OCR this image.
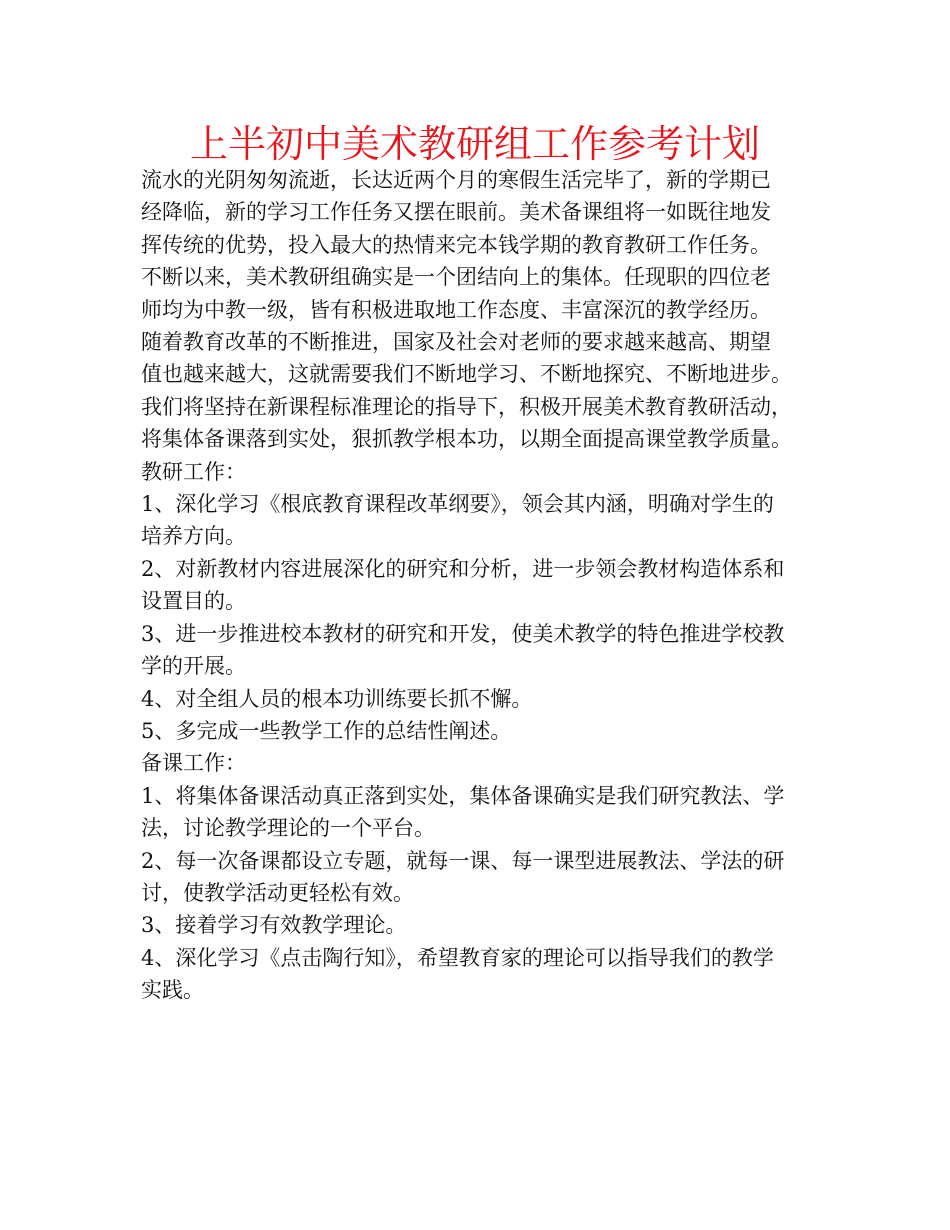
上半初中美术教研组工作参考计划
流水的光阴匆匆流逝，长达近两个月的寒假生活完毕了，新的学期已
经降临，新的学习工作任务又摆在眼前。美术备课组将一如既往地发
挥传统的优势，投入最大的热情来完本钱学期的教育教研工作任务。
不断以来，美术教研组确实是一个团结向上的集体。任现职的四位老
师均为中教一级，皆有积极进取地工作态度、丰富深沉的教学经历。
随着教育改革的不断推进，国家及社会对老师的要求越来越高、期望
值也越来越大，这就需要我们不断地学习、不断地探究、不断地进步。
我们将坚持在新课程标准理论的指导下，积极开展美术教育教研活动，
将集体备课落到实处，狠抓教学根本功，以期全面提高课堂教学质量。
教研工作：
1、深化学习《根底教育课程改革纲要》，领会其内涵，明确对学生的
培养方向。
2、对新教材内容进展深化的研究和分析，进一步领会教材构造体系和
设置目的。
3、进一步推进校本教材的研究和开发，使美术教学的特色推进学校教
学的开展。
4、对全组人员的根本功训练要长抓不懈。
5、多完成一些教学工作的总结性阐述。
备课工作：
1、将集体备课活动真正落到实处，集体备课确实是我们研究教法、学
法，讨论教学理论的一个平台。
2、每一次备课都设立专题，就每一课、每一课型进展教法、学法的研
讨，使教学活动更轻松有效。
3、接着学习有效教学理论。
4、深化学习《点击陶行知》，希望教育家的理论可以指导我们的教学
实践。
